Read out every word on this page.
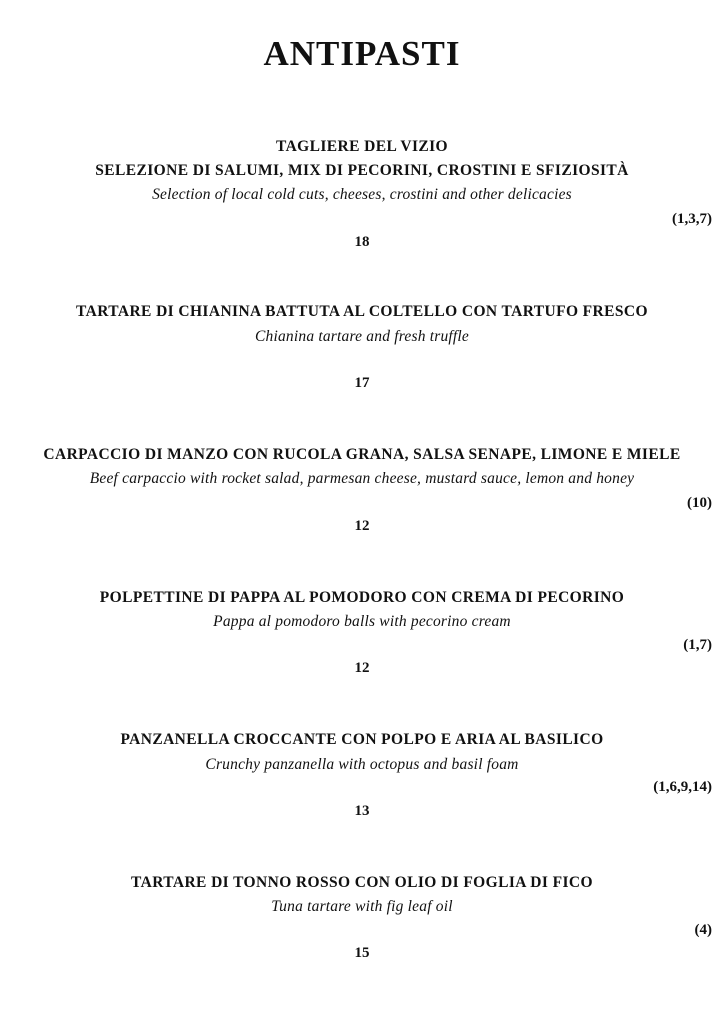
ANTIPASTI
TAGLIERE DEL VIZIO
SELEZIONE DI SALUMI, MIX DI PECORINI, CROSTINI E SFIZIOSITÀ
Selection of local cold cuts, cheeses, crostini and other delicacies
(1,3,7)
18
TARTARE DI CHIANINA BATTUTA AL COLTELLO CON TARTUFO FRESCO
Chianina tartare and fresh truffle
17
CARPACCIO DI MANZO CON RUCOLA GRANA, SALSA SENAPE, LIMONE E MIELE
Beef carpaccio with rocket salad, parmesan cheese, mustard sauce, lemon and honey
(10)
12
POLPETTINE DI PAPPA AL POMODORO CON CREMA DI PECORINO
Pappa al pomodoro balls with pecorino cream
(1,7)
12
PANZANELLA CROCCANTE CON POLPO E ARIA AL BASILICO
Crunchy panzanella with octopus and basil foam
(1,6,9,14)
13
TARTARE DI TONNO ROSSO CON OLIO DI FOGLIA DI FICO
Tuna tartare with fig leaf oil
(4)
15
